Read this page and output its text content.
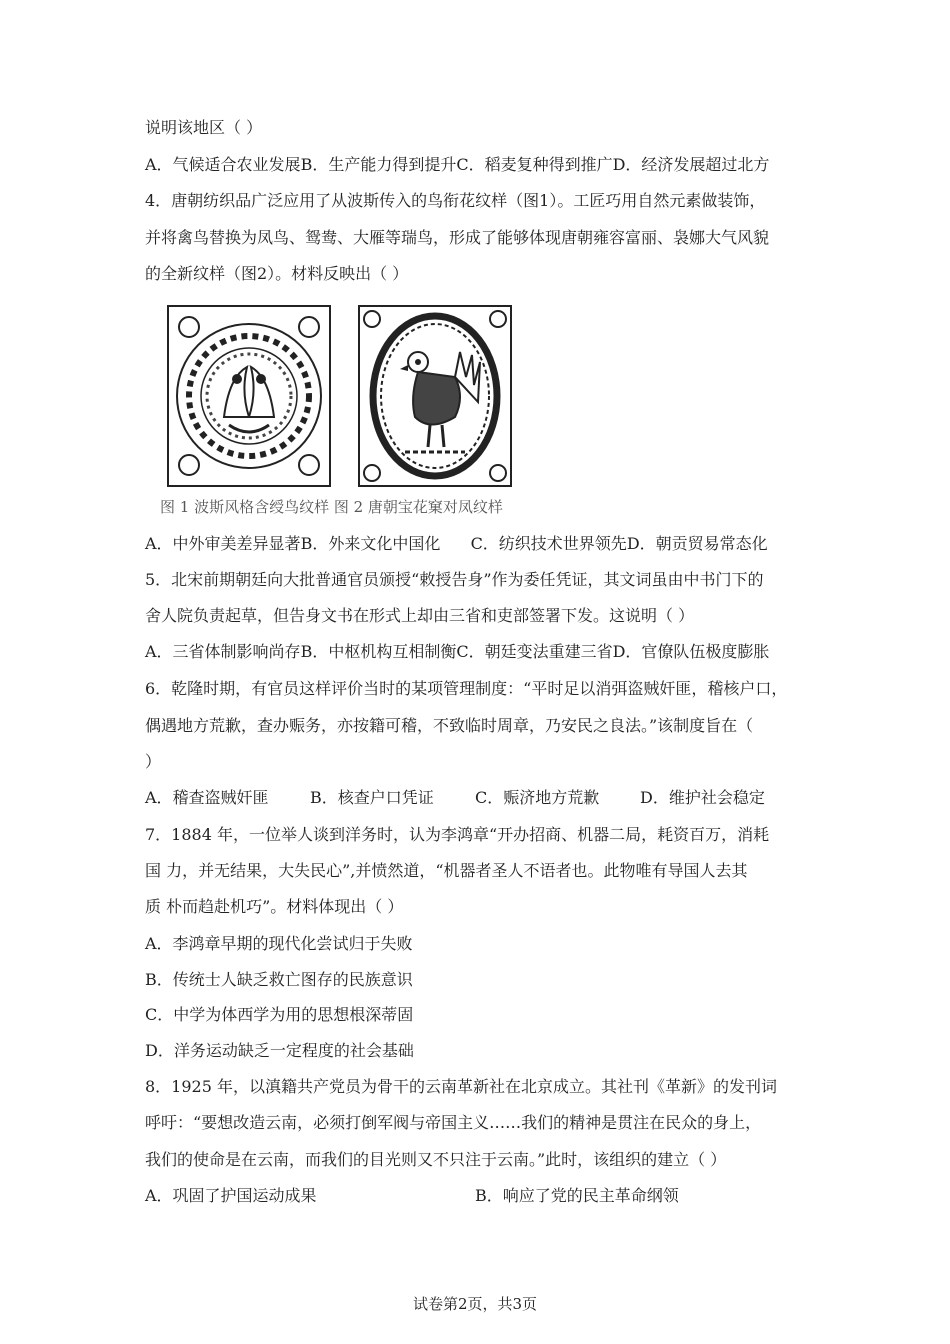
说明该地区（ ）
A．气候适合农业发展B．生产能力得到提升C．稻麦复种得到推广D．经济发展超过北方
4．唐朝纺织品广泛应用了从波斯传入的鸟衔花纹样（图1）。工匠巧用自然元素做装饰，
并将禽鸟替换为凤鸟、鸳鸯、大雁等瑞鸟，形成了能够体现唐朝雍容富丽、袅娜大气风貌
的全新纹样（图2）。材料反映出（ ）
图 1 波斯风格含绶鸟纹样 图 2 唐朝宝花窠对凤纹样
A．中外审美差异显著B．外来文化中国化 C．纺织技术世界领先D．朝贡贸易常态化
5．北宋前期朝廷向大批普通官员颁授“敕授告身”作为委任凭证，其文词虽由中书门下的
舍人院负责起草，但告身文书在形式上却由三省和吏部签署下发。这说明（ ）
A．三省体制影响尚存B．中枢机构互相制衡C．朝廷变法重建三省D．官僚队伍极度膨胀
6．乾隆时期，有官员这样评价当时的某项管理制度：“平时足以消弭盗贼奸匪，稽核户口，
偶遇地方荒歉，查办赈务，亦按籍可稽，不致临时周章，乃安民之良法。”该制度旨在（
）
A．稽查盗贼奸匪	B．核查户口凭证	C．赈济地方荒歉	D．维护社会稳定
7．1884 年，一位举人谈到洋务时，认为李鸿章“开办招商、机器二局，耗资百万，消耗
国 力，并无结果，大失民心”,并愤然道，“机器者圣人不语者也。此物唯有导国人去其
质 朴而趋赴机巧”。材料体现出（ ）
A．李鸿章早期的现代化尝试归于失败
B．传统士人缺乏救亡图存的民族意识
C．中学为体西学为用的思想根深蒂固
D．洋务运动缺乏一定程度的社会基础
8．1925 年，以滇籍共产党员为骨干的云南革新社在北京成立。其社刊《革新》的发刊词
呼吁：“要想改造云南，必须打倒军阀与帝国主义……我们的精神是贯注在民众的身上，
我们的使命是在云南，而我们的目光则又不只注于云南。”此时，该组织的建立（ ）
A．巩固了护国运动成果	B．响应了党的民主革命纲领
试卷第2页，共3页
